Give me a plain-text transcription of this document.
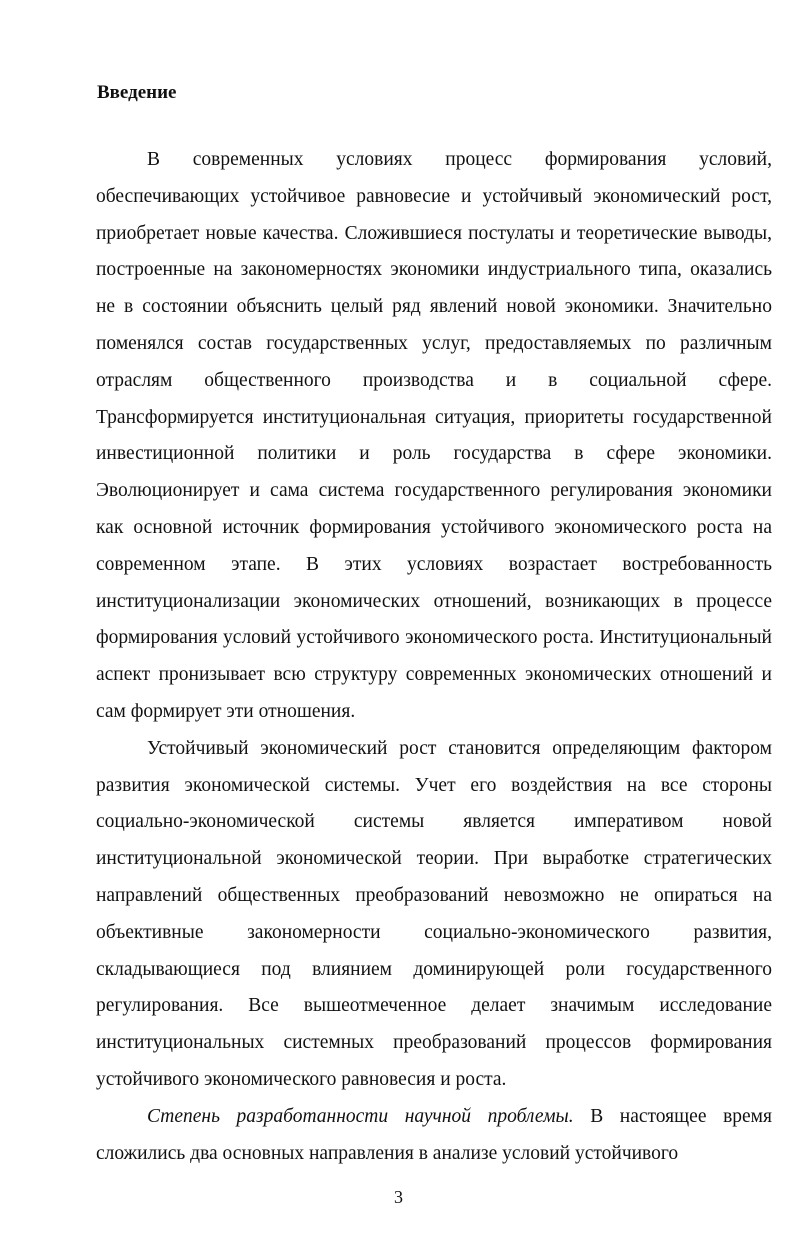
Введение

В современных условиях процесс формирования условий, обеспечивающих устойчивое равновесие и устойчивый экономический рост, приобретает новые качества. Сложившиеся постулаты и теоретические выводы, построенные на закономерностях экономики индустриального типа, оказались не в состоянии объяснить целый ряд явлений новой экономики. Значительно поменялся состав государственных услуг, предоставляемых по различным отраслям общественного производства и в социальной сфере. Трансформируется институциональная ситуация, приоритеты государственной инвестиционной политики и роль государства в сфере экономики. Эволюционирует и сама система государственного регулирования экономики как основной источник формирования устойчивого экономического роста на современном этапе. В этих условиях возрастает востребованность институционализации экономических отношений, возникающих в процессе формирования условий устойчивого экономического роста. Институциональный аспект пронизывает всю структуру современных экономических отношений и сам формирует эти отношения.

Устойчивый экономический рост становится определяющим фактором развития экономической системы. Учет его воздействия на все стороны социально-экономической системы является императивом новой институциональной экономической теории. При выработке стратегических направлений общественных преобразований невозможно не опираться на объективные закономерности социально-экономического развития, складывающиеся под влиянием доминирующей роли государственного регулирования. Все вышеотмеченное делает значимым исследование институциональных системных преобразований процессов формирования устойчивого экономического равновесия и роста.

Степень разработанности научной проблемы. В настоящее время сложились два основных направления в анализе условий устойчивого

3
